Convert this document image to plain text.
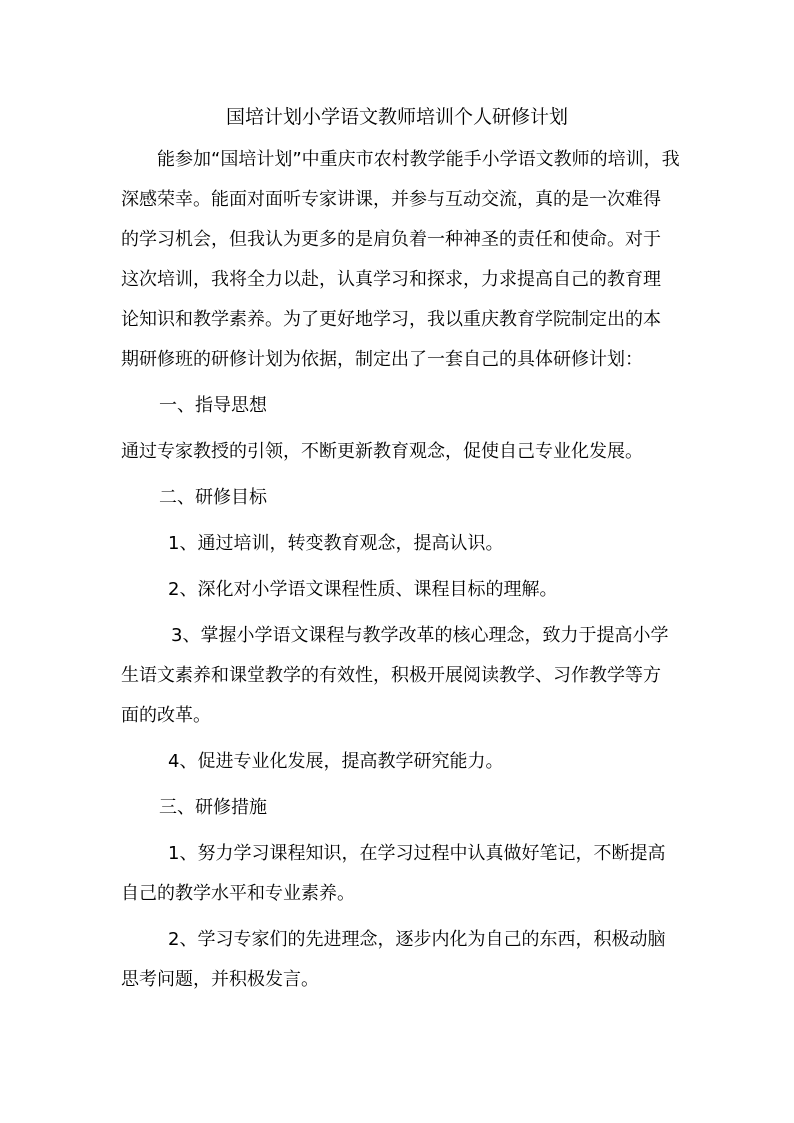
国培计划小学语文教师培训个人研修计划
能参加“国培计划”中重庆市农村教学能手小学语文教师的培训，我
深感荣幸。能面对面听专家讲课，并参与互动交流，真的是一次难得
的学习机会，但我认为更多的是肩负着一种神圣的责任和使命。对于
这次培训，我将全力以赴，认真学习和探求，力求提高自己的教育理
论知识和教学素养。为了更好地学习，我以重庆教育学院制定出的本
期研修班的研修计划为依据，制定出了一套自己的具体研修计划：
一、指导思想
通过专家教授的引领，不断更新教育观念，促使自己专业化发展。
二、研修目标
1、通过培训，转变教育观念，提高认识。
2、深化对小学语文课程性质、课程目标的理解。
3、掌握小学语文课程与教学改革的核心理念，致力于提高小学
生语文素养和课堂教学的有效性，积极开展阅读教学、习作教学等方
面的改革。
4、促进专业化发展，提高教学研究能力。
三、研修措施
1、努力学习课程知识，在学习过程中认真做好笔记，不断提高
自己的教学水平和专业素养。
2、学习专家们的先进理念，逐步内化为自己的东西，积极动脑
思考问题，并积极发言。
